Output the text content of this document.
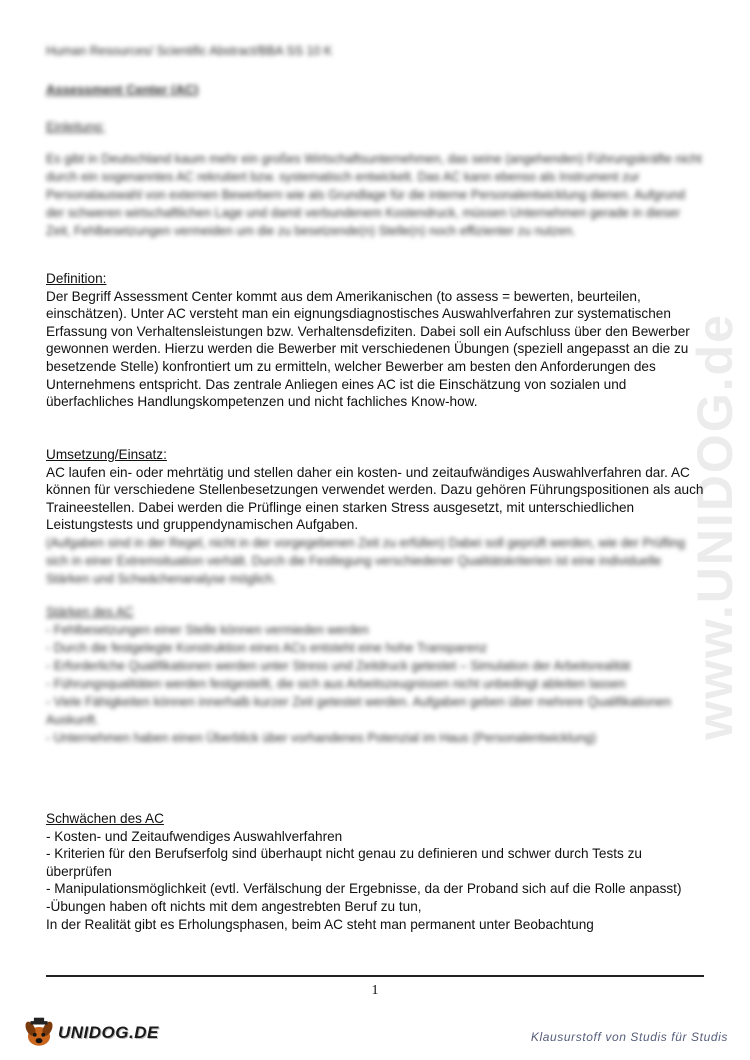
www.UNIDOG.de
Human Resources/ Scientific Abstract/BBA SS 10 K
Assessment Center (AC)

Einleitung:

Es gibt in Deutschland kaum mehr ein großes Wirtschaftsunternehmen, das seine (angehenden) Führungskräfte nicht durch ein sogenanntes AC rekrutiert bzw. systematisch entwickelt. Das AC kann ebenso als Instrument zur Personalauswahl von externen Bewerbern wie als Grundlage für die interne Personalentwicklung dienen. Aufgrund der schweren wirtschaftlichen Lage und damit verbundenem Kostendruck, müssen Unternehmen gerade in dieser Zeit, Fehlbesetzungen vermeiden um die zu besetzende(n) Stelle(n) noch effizienter zu nutzen.

Definition:

Der Begriff Assessment Center kommt aus dem Amerikanischen (to assess = bewerten, beurteilen, einschätzen). Unter AC versteht man ein eignungsdiagnostisches Auswahlverfahren zur systematischen Erfassung von Verhaltensleistungen bzw. Verhaltensdefiziten. Dabei soll ein Aufschluss über den Bewerber gewonnen werden. Hierzu werden die Bewerber mit verschiedenen Übungen (speziell angepasst an die zu besetzende Stelle) konfrontiert um zu ermitteln, welcher Bewerber am besten den Anforderungen des Unternehmens entspricht. Das zentrale Anliegen eines AC ist die Einschätzung von sozialen und überfachliches Handlungskompetenzen und nicht fachliches Know-how.

Umsetzung/Einsatz:

AC laufen ein- oder mehrtätig und stellen daher ein kosten- und zeitaufwändiges Auswahlverfahren dar. AC können für verschiedene Stellenbesetzungen verwendet werden. Dazu gehören Führungspositionen als auch Traineestellen. Dabei werden die Prüflinge einen starken Stress ausgesetzt, mit unterschiedlichen Leistungstests und gruppendynamischen Aufgaben.

(Aufgaben sind in der Regel, nicht in der vorgegebenen Zeit zu erfüllen) Dabei soll geprüft werden, wie der Prüfling sich in einer Extremsituation verhält. Durch die Festlegung verschiedener Qualitätskriterien ist eine individuelle Stärken und Schwächenanalyse möglich.

Stärken des AC

- Fehlbesetzungen einer Stelle können vermieden werden

- Durch die festgelegte Konstruktion eines ACs entsteht eine hohe Transparenz

- Erforderliche Qualifikationen werden unter Stress und Zeitdruck getestet – Simulation der Arbeitsrealität

- Führungsqualitäten werden festgestellt, die sich aus Arbeitszeugnissen nicht unbedingt ableiten lassen

- Viele Fähigkeiten können innerhalb kurzer Zeit getestet werden. Aufgaben geben über mehrere Qualifikationen Auskunft.

- Unternehmen haben einen Überblick über vorhandenes Potenzial im Haus (Personalentwicklung)

Schwächen des AC

- Kosten- und Zeitaufwendiges Auswahlverfahren

- Kriterien für den Berufserfolg sind überhaupt nicht genau zu definieren und schwer durch Tests zu überprüfen

- Manipulationsmöglichkeit (evtl. Verfälschung der Ergebnisse, da der Proband sich auf die Rolle anpasst)

-Übungen haben oft nichts mit dem angestrebten Beruf zu tun,

In der Realität gibt es Erholungsphasen, beim AC steht man permanent unter Beobachtung

1
UNIDOG.DE	Klausurstoff von Studis für Studis
